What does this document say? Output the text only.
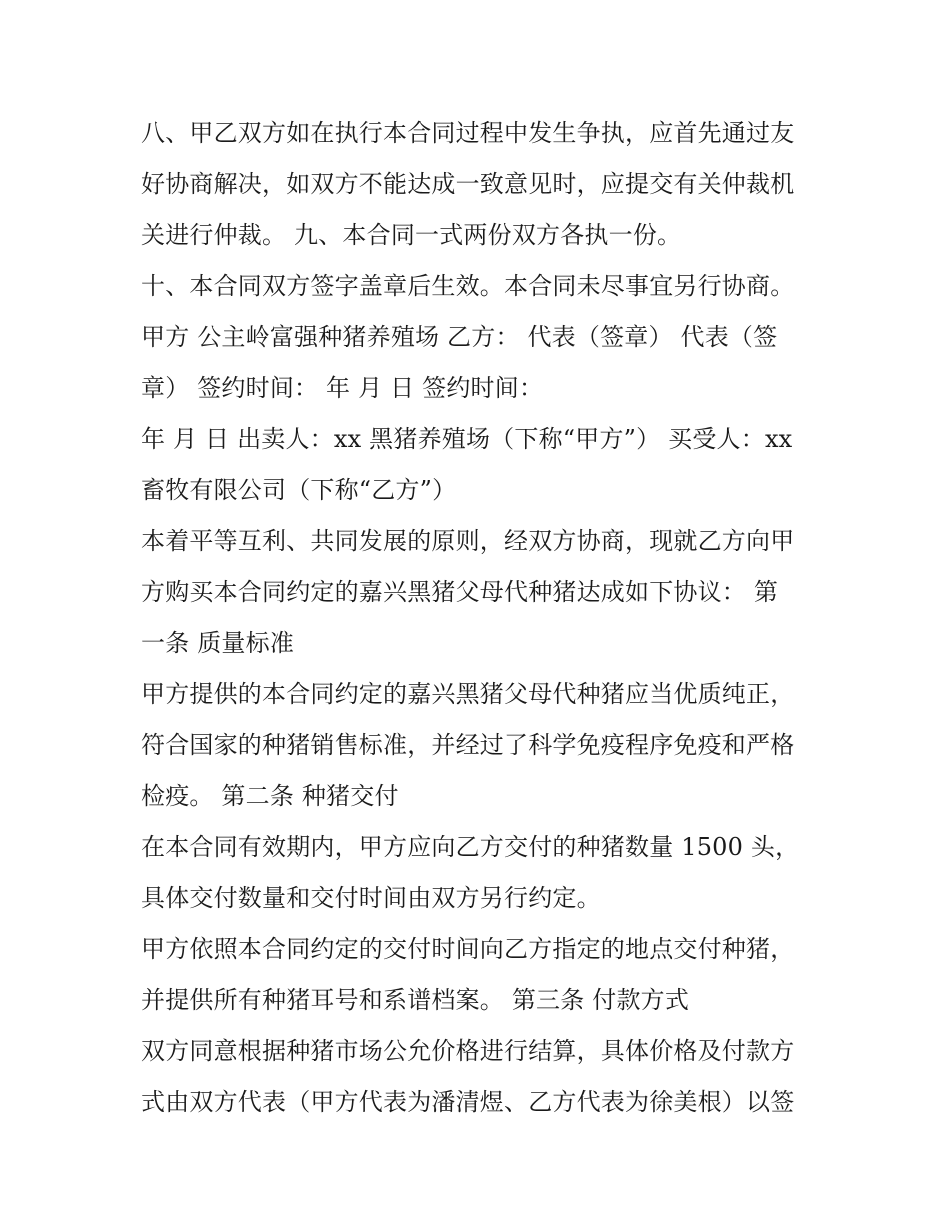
八、甲乙双方如在执行本合同过程中发生争执，应首先通过友
好协商解决，如双方不能达成一致意见时，应提交有关仲裁机
关进行仲裁。 九、本合同一式两份双方各执一份。
十、本合同双方签字盖章后生效。本合同未尽事宜另行协商。
甲方 公主岭富强种猪养殖场 乙方： 代表（签章） 代表（签
章） 签约时间： 年 月 日 签约时间：
年 月 日 出卖人：xx 黑猪养殖场（下称“甲方”） 买受人：xx
畜牧有限公司（下称“乙方”）
本着平等互利、共同发展的原则，经双方协商，现就乙方向甲
方购买本合同约定的嘉兴黑猪父母代种猪达成如下协议： 第
一条 质量标准
甲方提供的本合同约定的嘉兴黑猪父母代种猪应当优质纯正，
符合国家的种猪销售标准，并经过了科学免疫程序免疫和严格
检疫。 第二条 种猪交付
在本合同有效期内，甲方应向乙方交付的种猪数量 1500 头，
具体交付数量和交付时间由双方另行约定。
甲方依照本合同约定的交付时间向乙方指定的地点交付种猪，
并提供所有种猪耳号和系谱档案。 第三条 付款方式
双方同意根据种猪市场公允价格进行结算，具体价格及付款方
式由双方代表（甲方代表为潘清煜、乙方代表为徐美根）以签
